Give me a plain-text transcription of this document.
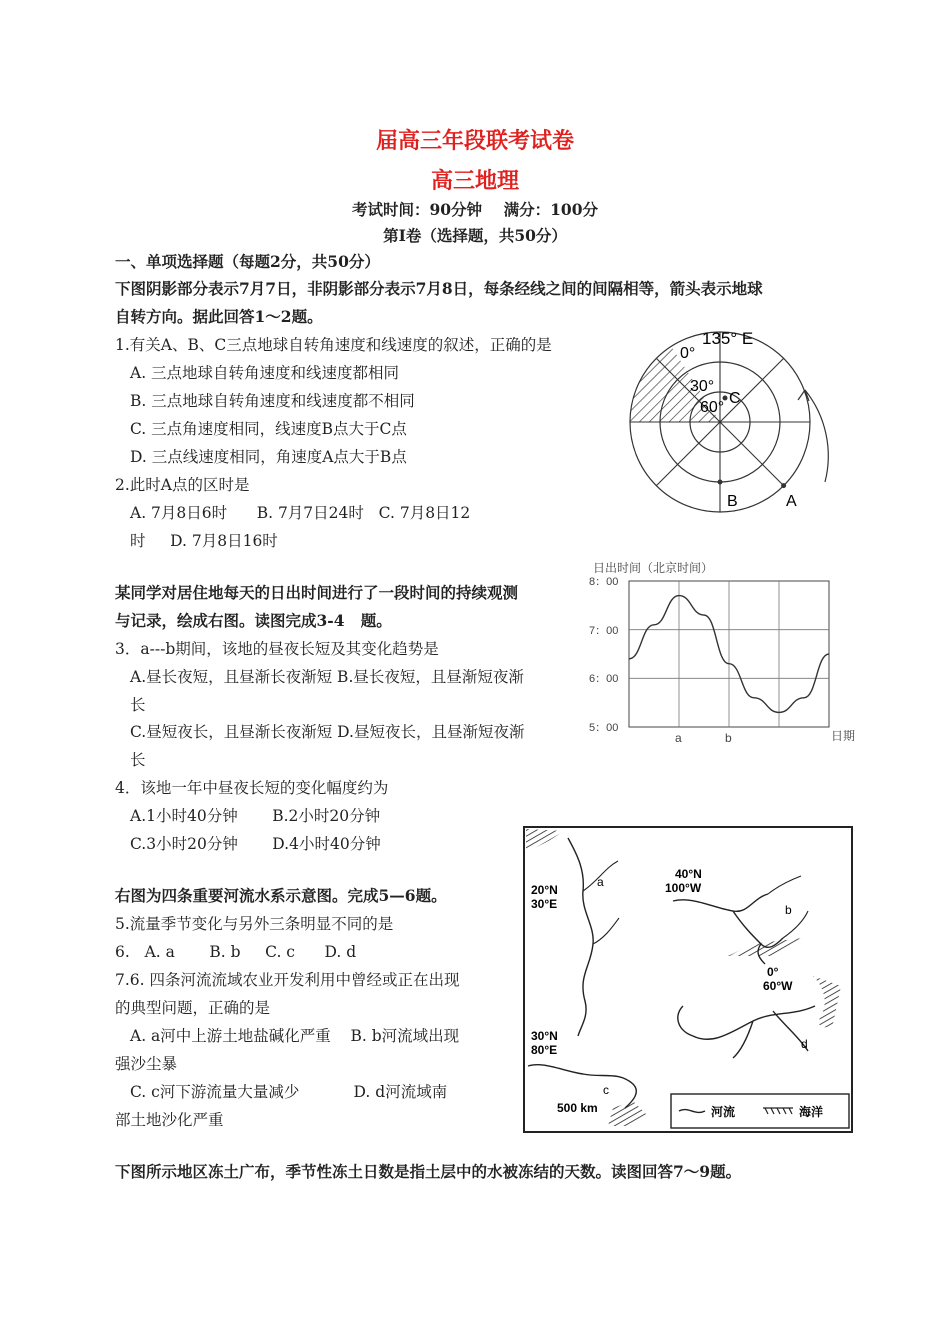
届高三年段联考试卷
高三地理
考试时间：90分钟    满分：100分
第Ⅰ卷（选择题，共50分）
一、单项选择题（每题2分，共50分）
下图阴影部分表示7月7日，非阴影部分表示7月8日，每条经线之间的间隔相等，箭头表示地球
自转方向。据此回答1～2题。
1.有关A、B、C三点地球自转角速度和线速度的叙述，正确的是
A. 三点地球自转角速度和线速度都相同
B. 三点地球自转角速度和线速度都不相同
C. 三点角速度相同，线速度B点大于C点
D. 三点线速度相同，角速度A点大于B点
2.此时A点的区时是
A. 7月8日6时      B. 7月7日24时   C. 7月8日12
时     D. 7月8日16时
135° E
0°
30°
60°
C
B	A
某同学对居住地每天的日出时间进行了一段时间的持续观测
与记录，绘成右图。读图完成3-4   题。
3．a---b期间，该地的昼夜长短及其变化趋势是
A.昼长夜短，且昼渐长夜渐短 B.昼长夜短，且昼渐短夜渐
长
C.昼短夜长，且昼渐长夜渐短 D.昼短夜长，且昼渐短夜渐
长
4．该地一年中昼夜长短的变化幅度约为
A.1小时40分钟       B.2小时20分钟
C.3小时20分钟       D.4小时40分钟
日出时间（北京时间）
8：00
7：00
6：00
5：00
a	b	日期
右图为四条重要河流水系示意图。完成5—6题。
5.流量季节变化与另外三条明显不同的是
6.   A. a       B. b     C. c      D. d
7.6. 四条河流流域农业开发利用中曾经或正在出现
的典型问题，正确的是
A. a河中上游土地盐碱化严重    B. b河流域出现
强沙尘暴
C. c河下游流量大量减少           D. d河流域南
部土地沙化严重
a
20°N
30°E	b
40°N
100°W
d
0°
60°W
c
30°N
80°E
500 km	河流	海洋
下图所示地区冻土广布，季节性冻土日数是指土层中的水被冻结的天数。读图回答7～9题。
